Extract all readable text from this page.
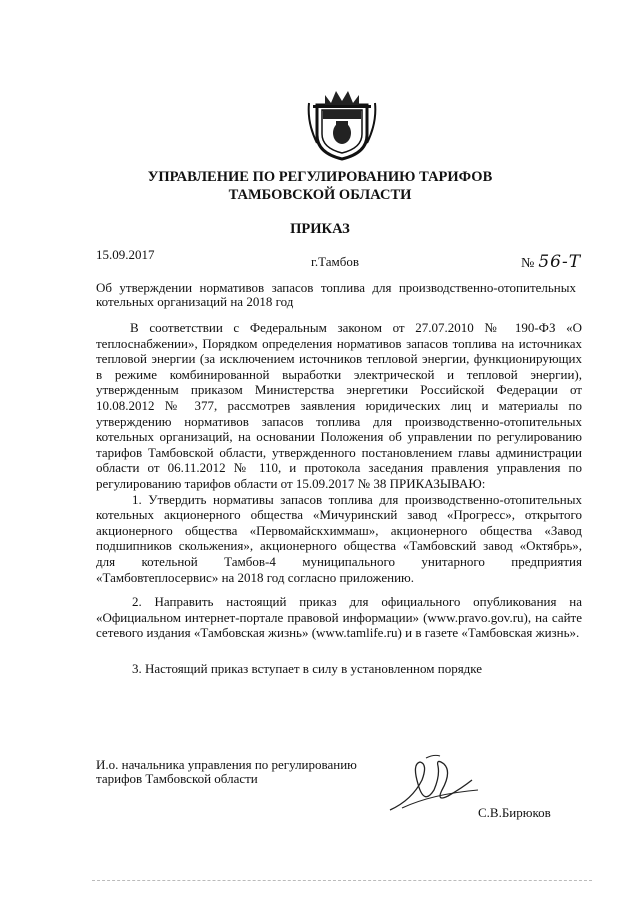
УПРАВЛЕНИЕ ПО РЕГУЛИРОВАНИЮ ТАРИФОВ
ТАМБОВСКОЙ ОБЛАСТИ
ПРИКАЗ
15.09.2017	г.Тамбов	№ 56-Т
Об утверждении нормативов запасов топлива для производственно-отопительных котельных организаций на 2018 год

В соответствии с Федеральным законом от 27.07.2010 № 190-ФЗ «О теплоснабжении», Порядком определения нормативов запасов топлива на источниках тепловой энергии (за исключением источников тепловой энергии, функционирующих в режиме комбинированной выработки электрической и тепловой энергии), утвержденным приказом Министерства энергетики Российской Федерации от 10.08.2012 № 377, рассмотрев заявления юридических лиц и материалы по утверждению нормативов запасов топлива для производственно-отопительных котельных организаций, на основании Положения об управлении по регулированию тарифов Тамбовской области, утвержденного постановлением главы администрации области от 06.11.2012 № 110, и протокола заседания правления управления по регулированию тарифов области от 15.09.2017 № 38 ПРИКАЗЫВАЮ:

1. Утвердить нормативы запасов топлива для производственно-отопительных котельных акционерного общества «Мичуринский завод «Прогресс», открытого акционерного общества «Первомайскхиммаш», акционерного общества «Завод подшипников скольжения», акционерного общества «Тамбовский завод «Октябрь», для котельной Тамбов-4 муниципального унитарного предприятия «Тамбовтеплосервис» на 2018 год согласно приложению.

2. Направить настоящий приказ для официального опубликования на «Официальном интернет-портале правовой информации» (www.pravo.gov.ru), на сайте сетевого издания «Тамбовская жизнь» (www.tamlife.ru) и в газете «Тамбовская жизнь».

3. Настоящий приказ вступает в силу в установленном порядке

И.о. начальника управления по регулированию
тарифов Тамбовской области
С.В.Бирюков
